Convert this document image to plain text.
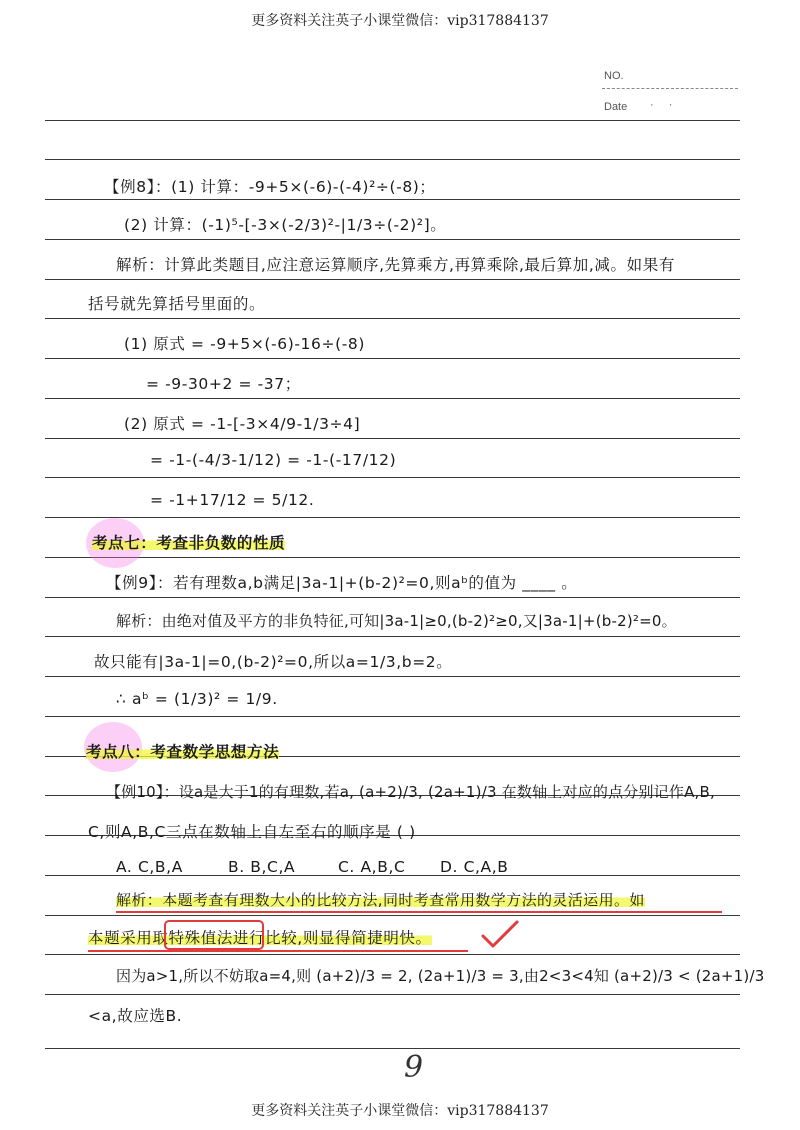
更多资料关注英子小课堂微信：vip317884137
更多资料关注英子小课堂微信：vip317884137
NO.
Date · ·
【例8】：(1) 计算：-9+5×(-6)-(-4)²÷(-8)；
(2) 计算：(-1)⁵-[-3×(-2/3)²-|1/3÷(-2)²]。
解析：计算此类题目,应注意运算顺序,先算乘方,再算乘除,最后算加,减。如果有
括号就先算括号里面的。
(1) 原式 = -9+5×(-6)-16÷(-8)
= -9-30+2 = -37；
(2) 原式 = -1-[-3×4/9-1/3÷4]
= -1-(-4/3-1/12) = -1-(-17/12)
= -1+17/12 = 5/12.
考点七：考查非负数的性质
【例9】：若有理数a,b满足|3a-1|+(b-2)²=0,则aᵇ的值为 ____ 。
解析：由绝对值及平方的非负特征,可知|3a-1|≥0,(b-2)²≥0,又|3a-1|+(b-2)²=0。
故只能有|3a-1|=0,(b-2)²=0,所以a=1/3,b=2。
∴ aᵇ = (1/3)² = 1/9.
考点八：考查数学思想方法
【例10】：设a是大于1的有理数,若a, (a+2)/3, (2a+1)/3 在数轴上对应的点分别记作A,B,
C,则A,B,C三点在数轴上自左至右的顺序是 ( )
A. C,B,A	B. B,C,A	C. A,B,C D. C,A,B
解析：本题考查有理数大小的比较方法,同时考查常用数学方法的灵活运用。如
本题采用取特殊值法进行比较,则显得简捷明快。
因为a>1,所以不妨取a=4,则 (a+2)/3 = 2, (2a+1)/3 = 3,由2<3<4知 (a+2)/3 < (2a+1)/3
<a,故应选B.
9
